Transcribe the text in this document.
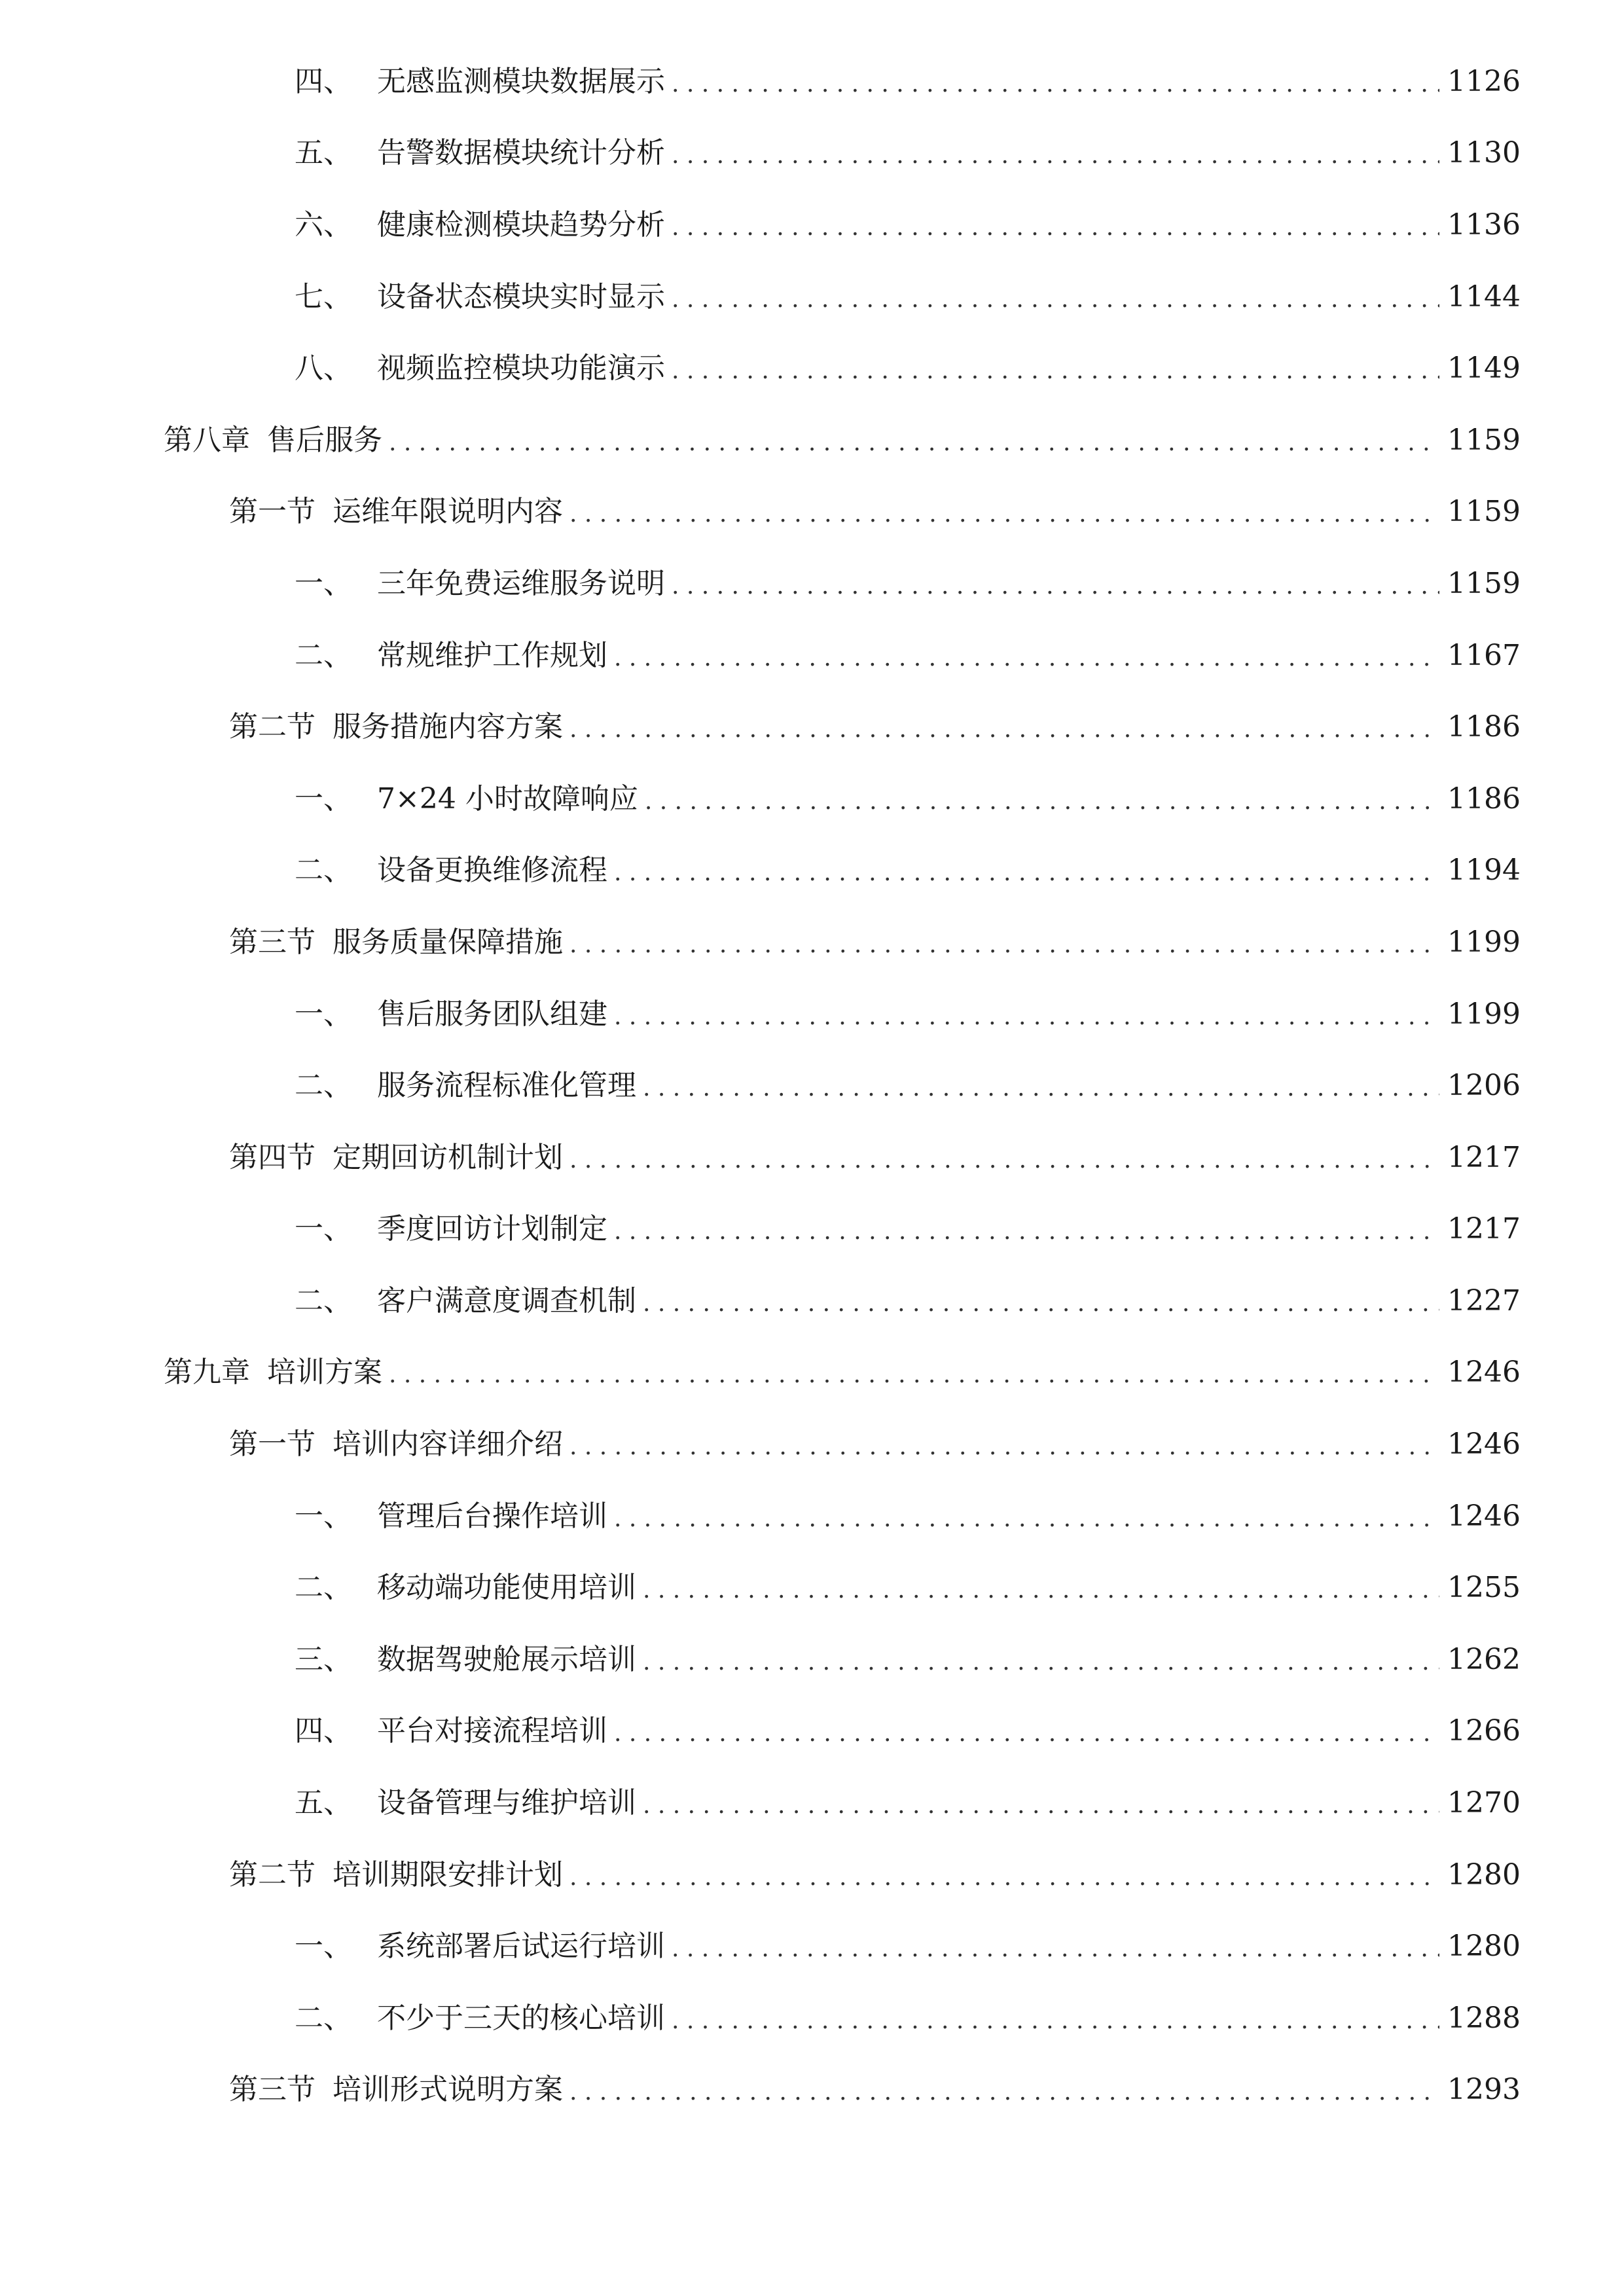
四、 无感监测模块数据展示 . . .	1126
五、 告警数据模块统计分析 . . .	1130
六、 健康检测模块趋势分析 . . .	1136
七、 设备状态模块实时显示 . . .	1144
八、 视频监控模块功能演示 . . .	1149
第八章 售后服务 . . .	1159
第一节 运维年限说明内容 . . .	1159
一、 三年免费运维服务说明 . . .	1159
二、 常规维护工作规划 . . .	1167
第二节 服务措施内容方案 . . .	1186
一、 7×24 小时故障响应 . . .	1186
二、 设备更换维修流程 . . .	1194
第三节 服务质量保障措施 . . .	1199
一、 售后服务团队组建 . . .	1199
二、 服务流程标准化管理 . . .	1206
第四节 定期回访机制计划 . . .	1217
一、 季度回访计划制定 . . .	1217
二、 客户满意度调查机制 . . .	1227
第九章 培训方案 . . .	1246
第一节 培训内容详细介绍 . . .	1246
一、 管理后台操作培训 . . .	1246
二、 移动端功能使用培训 . . .	1255
三、 数据驾驶舱展示培训 . . .	1262
四、 平台对接流程培训 . . .	1266
五、 设备管理与维护培训 . . .	1270
第二节 培训期限安排计划 . . .	1280
一、 系统部署后试运行培训 . . .	1280
二、 不少于三天的核心培训 . . .	1288
第三节 培训形式说明方案 . . .	1293
